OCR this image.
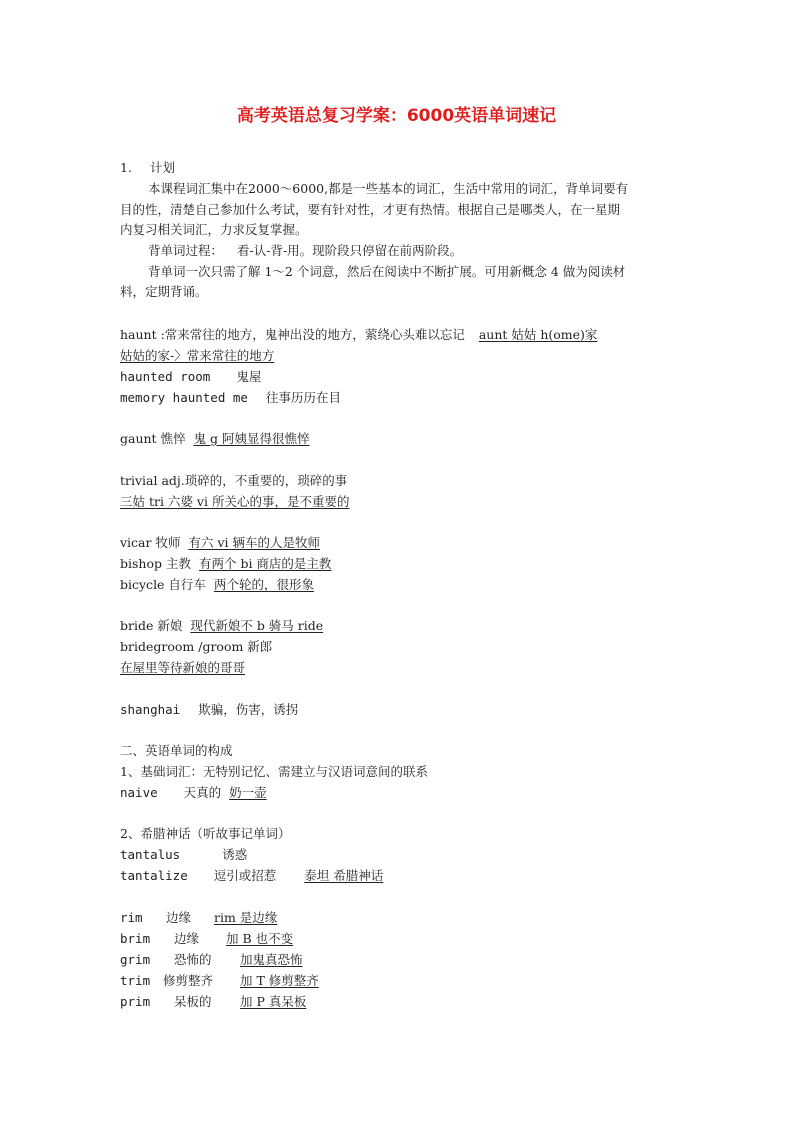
高考英语总复习学案：6000英语单词速记
1. 计划
本课程词汇集中在2000～6000,都是一些基本的词汇，生活中常用的词汇，背单词要有
目的性，清楚自己参加什么考试，要有针对性，才更有热情。根据自己是哪类人，在一星期
内复习相关词汇，力求反复掌握。
背单词过程： 看-认-背-用。现阶段只停留在前两阶段。
背单词一次只需了解 1～2 个词意，然后在阅读中不断扩展。可用新概念 4 做为阅读材
料，定期背诵。
haunt :常来常往的地方，鬼神出没的地方，萦绕心头难以忘记 aunt 姑姑 h(ome)家
姑姑的家-〉常来常往的地方
haunted room 鬼屋
memory haunted me 往事历历在目
gaunt 憔悴 鬼 g 阿姨显得很憔悴
trivial adj.琐碎的，不重要的，琐碎的事
三姑 tri 六婆 vi 所关心的事，是不重要的
vicar 牧师 有六 vi 辆车的人是牧师
bishop 主教 有两个 bi 商店的是主教
bicycle 自行车 两个轮的，很形象
bride 新娘 现代新娘不 b 骑马 ride
bridegroom /groom 新郎
在屋里等待新娘的哥哥
shanghai 欺骗，伤害，诱拐
二、英语单词的构成
1、基础词汇：无特别记忆、需建立与汉语词意间的联系
naive 天真的 奶一壶
2、希腊神话（听故事记单词）
tantalus	诱惑
tantalize 逗引或招惹 泰坦 希腊神话
rim 边缘 rim 是边缘
brim 边缘 加 B 也不变
grim 恐怖的 加鬼真恐怖
trim 修剪整齐 加 T 修剪整齐
prim 呆板的 加 P 真呆板
